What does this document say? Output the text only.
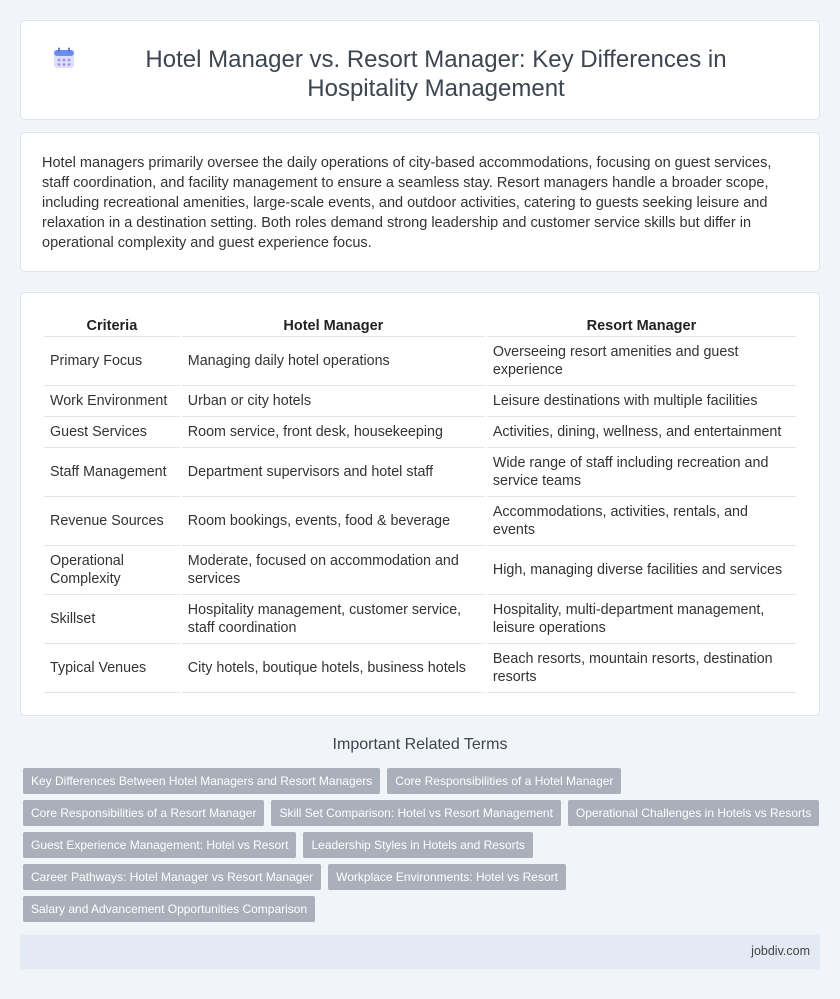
Hotel Manager vs. Resort Manager: Key Differences in Hospitality Management

Hotel managers primarily oversee the daily operations of city-based accommodations, focusing on guest services, staff coordination, and facility management to ensure a seamless stay. Resort managers handle a broader scope, including recreational amenities, large-scale events, and outdoor activities, catering to guests seeking leisure and relaxation in a destination setting. Both roles demand strong leadership and customer service skills but differ in operational complexity and guest experience focus.

Criteria	Hotel Manager	Resort Manager
Primary Focus	Managing daily hotel operations	Overseeing resort amenities and guest experience
Work Environment	Urban or city hotels	Leisure destinations with multiple facilities
Guest Services	Room service, front desk, housekeeping	Activities, dining, wellness, and entertainment
Staff Management	Department supervisors and hotel staff	Wide range of staff including recreation and service teams
Revenue Sources	Room bookings, events, food & beverage	Accommodations, activities, rentals, and events
Operational Complexity	Moderate, focused on accommodation and services	High, managing diverse facilities and services
Skillset	Hospitality management, customer service, staff coordination	Hospitality, multi-department management, leisure operations
Typical Venues	City hotels, boutique hotels, business hotels	Beach resorts, mountain resorts, destination resorts
Important Related Terms
Key Differences Between Hotel Managers and Resort Managers	Core Responsibilities of a Hotel Manager
Core Responsibilities of a Resort Manager	Skill Set Comparison: Hotel vs Resort Management	Operational Challenges in Hotels vs Resorts
Guest Experience Management: Hotel vs Resort	Leadership Styles in Hotels and Resorts
Career Pathways: Hotel Manager vs Resort Manager	Workplace Environments: Hotel vs Resort
Salary and Advancement Opportunities Comparison
jobdiv.com
